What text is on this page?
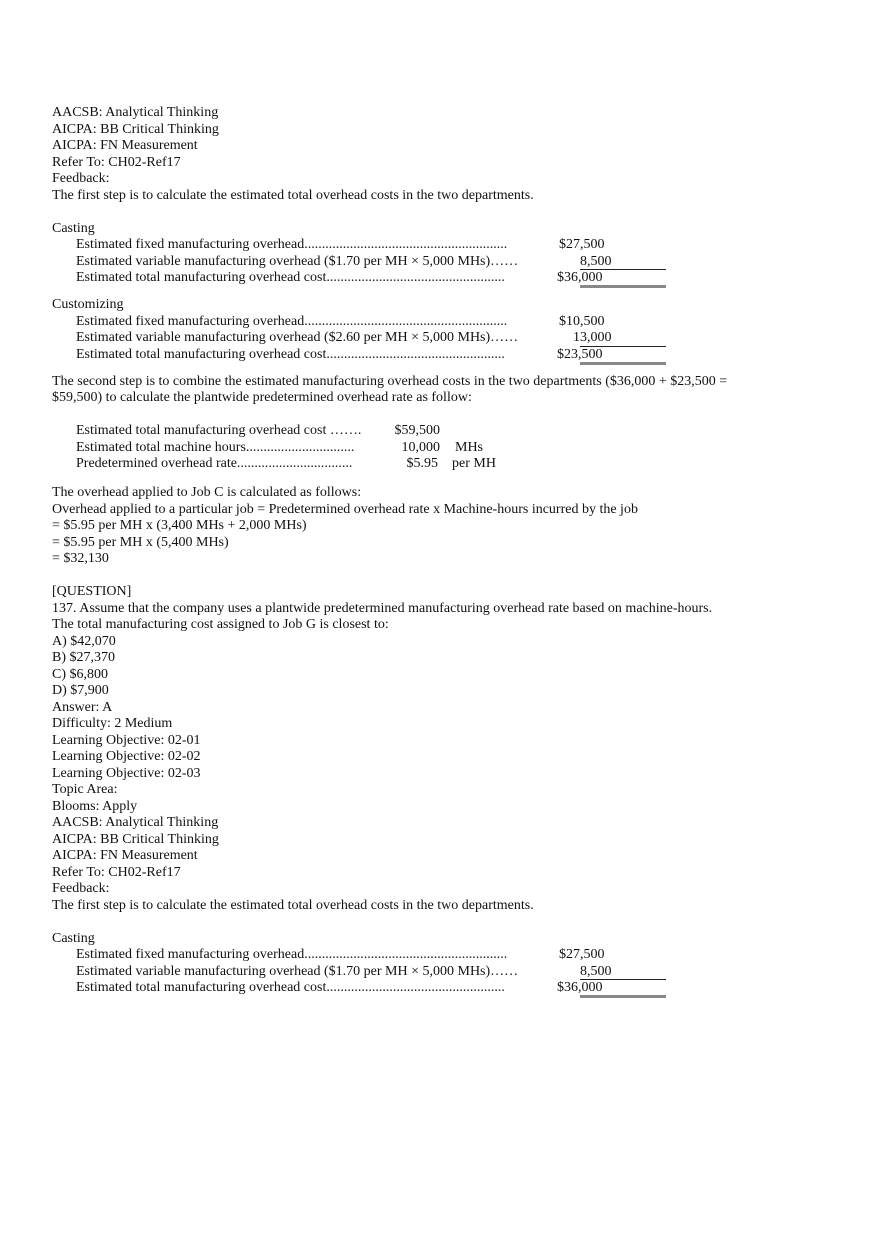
AACSB: Analytical Thinking
AICPA: BB Critical Thinking
AICPA: FN Measurement
Refer To: CH02-Ref17
Feedback:
The first step is to calculate the estimated total overhead costs in the two departments.
Casting
Estimated fixed manufacturing overhead..........................................................	$27,500
Estimated variable manufacturing overhead ($1.70 per MH × 5,000 MHs)……	8,500
Estimated total manufacturing overhead cost...................................................	$36,000
Customizing
Estimated fixed manufacturing overhead..........................................................	$10,500
Estimated variable manufacturing overhead ($2.60 per MH × 5,000 MHs)……	13,000
Estimated total manufacturing overhead cost...................................................	$23,500
The second step is to combine the estimated manufacturing overhead costs in the two departments ($36,000 + $23,500 =
$59,500) to calculate the plantwide predetermined overhead rate as follow:
Estimated total manufacturing overhead cost …….	$59,500
Estimated total machine hours...............................	10,000 MHs
Predetermined overhead rate.................................	$5.95 per MH
The overhead applied to Job C is calculated as follows:
Overhead applied to a particular job = Predetermined overhead rate x Machine-hours incurred by the job
= $5.95 per MH x (3,400 MHs + 2,000 MHs)
= $5.95 per MH x (5,400 MHs)
= $32,130
[QUESTION]
137. Assume that the company uses a plantwide predetermined manufacturing overhead rate based on machine-hours.
The total manufacturing cost assigned to Job G is closest to:
A) $42,070
B) $27,370
C) $6,800
D) $7,900
Answer: A
Difficulty: 2 Medium
Learning Objective: 02-01
Learning Objective: 02-02
Learning Objective: 02-03
Topic Area:
Blooms: Apply
AACSB: Analytical Thinking
AICPA: BB Critical Thinking
AICPA: FN Measurement
Refer To: CH02-Ref17
Feedback:
The first step is to calculate the estimated total overhead costs in the two departments.
Casting
Estimated fixed manufacturing overhead..........................................................	$27,500
Estimated variable manufacturing overhead ($1.70 per MH × 5,000 MHs)……	8,500
Estimated total manufacturing overhead cost...................................................	$36,000
